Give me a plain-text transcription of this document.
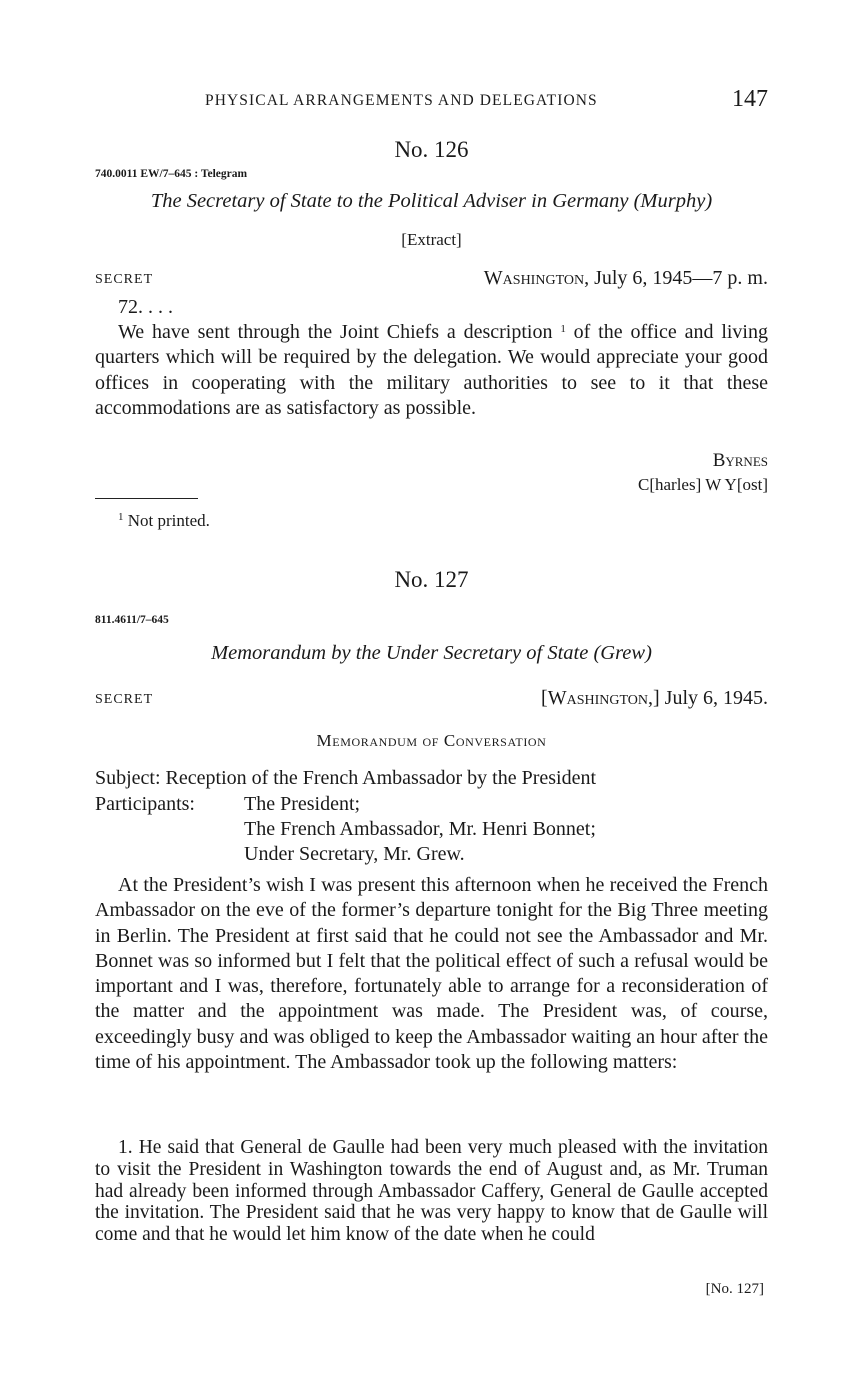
PHYSICAL ARRANGEMENTS AND DELEGATIONS	147
No. 126
740.0011 EW/7–645 : Telegram
The Secretary of State to the Political Adviser in Germany (Murphy)
[Extract]
SECRET	Washington, July 6, 1945—7 p. m.
72. . . .
We have sent through the Joint Chiefs a description $^1$ of the office and living quarters which will be required by the delegation. We would appreciate your good offices in cooperating with the military authorities to see to it that these accommodations are as satisfactory as possible.
Byrnes
C[harles] W Y[ost]
$^1$ Not printed.
No. 127
811.4611/7–645
Memorandum by the Under Secretary of State (Grew)
SECRET	[Washington,] July 6, 1945.
Memorandum of Conversation
Subject: Reception of the French Ambassador by the President
Participants: The President;
The French Ambassador, Mr. Henri Bonnet;
Under Secretary, Mr. Grew.
At the President’s wish I was present this afternoon when he received the French Ambassador on the eve of the former’s departure tonight for the Big Three meeting in Berlin. The President at first said that he could not see the Ambassador and Mr. Bonnet was so informed but I felt that the political effect of such a refusal would be important and I was, therefore, fortunately able to arrange for a reconsideration of the matter and the appointment was made. The President was, of course, exceedingly busy and was obliged to keep the Ambassador waiting an hour after the time of his appointment. The Ambassador took up the following matters:
1. He said that General de Gaulle had been very much pleased with the invitation to visit the President in Washington towards the end of August and, as Mr. Truman had already been informed through Ambassador Caffery, General de Gaulle accepted the invitation. The President said that he was very happy to know that de Gaulle will come and that he would let him know of the date when he could
[No. 127]
